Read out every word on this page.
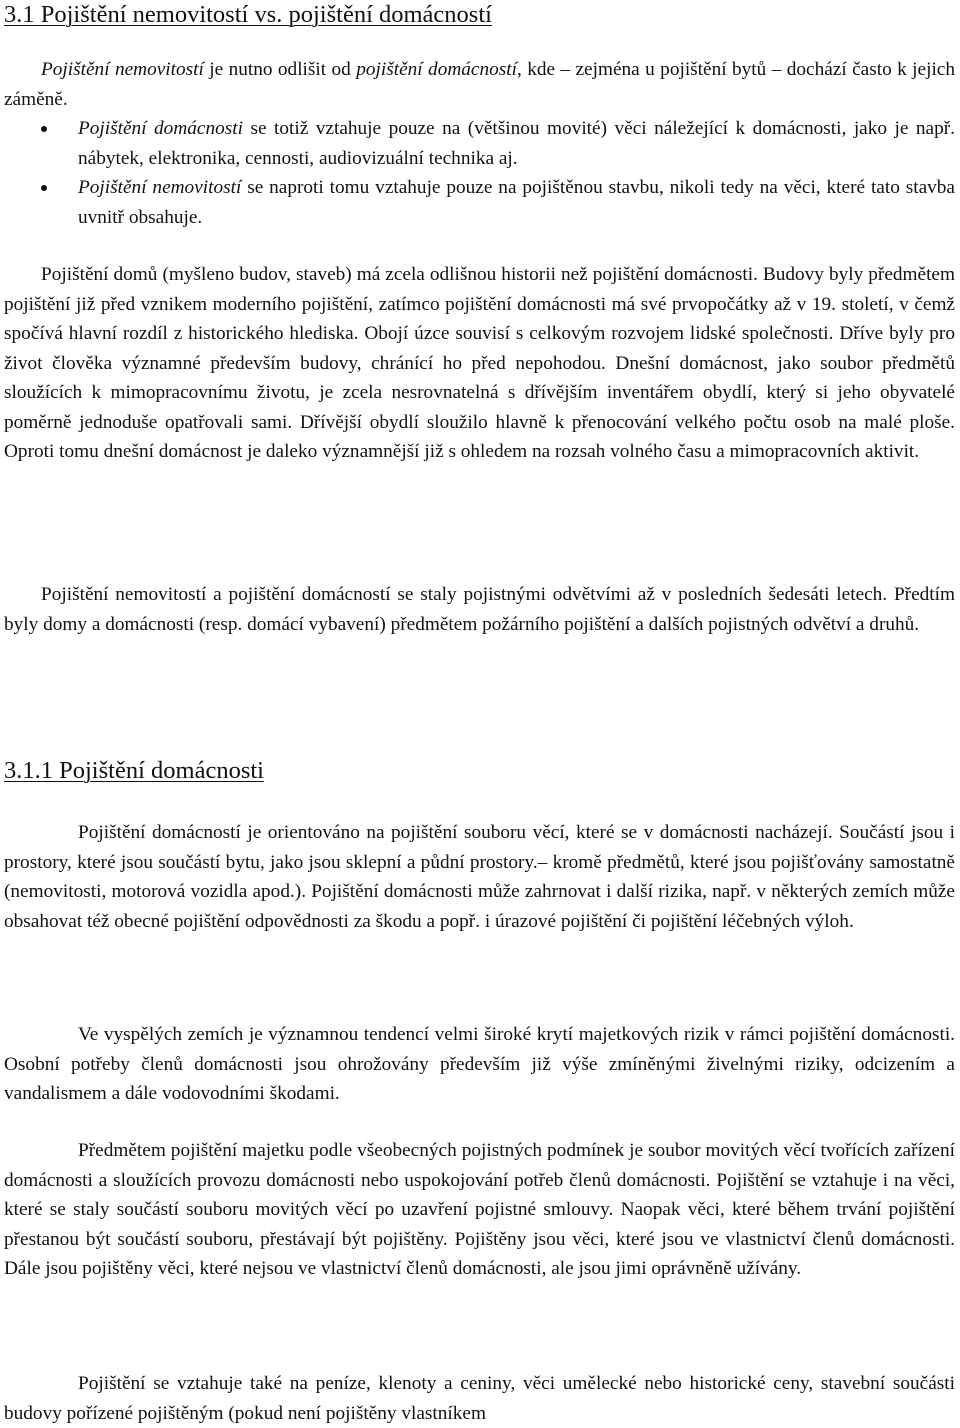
3.1 Pojištění nemovitostí vs. pojištění domácností

Pojištění nemovitostí je nutno odlišit od pojištění domácností, kde – zejména u pojištění bytů – dochází často k jejich záměně.

Pojištění domácnosti se totiž vztahuje pouze na (většinou movité) věci náležející k domácnosti, jako je např. nábytek, elektronika, cennosti, audiovizuální technika aj.

Pojištění nemovitostí se naproti tomu vztahuje pouze na pojištěnou stavbu, nikoli tedy na věci, které tato stavba uvnitř obsahuje.

Pojištění domů (myšleno budov, staveb) má zcela odlišnou historii než pojištění domácnosti. Budovy byly předmětem pojištění již před vznikem moderního pojištění, zatímco pojištění domácnosti má své prvopočátky až v 19. století, v čemž spočívá hlavní rozdíl z historického hlediska. Obojí úzce souvisí s celkovým rozvojem lidské společnosti. Dříve byly pro život člověka významné především budovy, chránící ho před nepohodou. Dnešní domácnost, jako soubor předmětů sloužících k mimopracovnímu životu, je zcela nesrovnatelná s dřívějším inventářem obydlí, který si jeho obyvatelé poměrně jednoduše opatřovali sami. Dřívější obydlí sloužilo hlavně k přenocování velkého počtu osob na malé ploše. Oproti tomu dnešní domácnost je daleko významnější již s ohledem na rozsah volného času a mimopracovních aktivit.

Pojištění nemovitostí a pojištění domácností se staly pojistnými odvětvími až v posledních šedesáti letech. Předtím byly domy a domácnosti (resp. domácí vybavení) předmětem požárního pojištění a dalších pojistných odvětví a druhů.

3.1.1 Pojištění domácnosti

Pojištění domácností je orientováno na pojištění souboru věcí, které se v domácnosti nacházejí. Součástí jsou i prostory, které jsou součástí bytu, jako jsou sklepní a půdní prostory.– kromě předmětů, které jsou pojišťovány samostatně (nemovitosti, motorová vozidla apod.). Pojištění domácnosti může zahrnovat i další rizika, např. v některých zemích může obsahovat též obecné pojištění odpovědnosti za škodu a popř. i úrazové pojištění či pojištění léčebných výloh.

Ve vyspělých zemích je významnou tendencí velmi široké krytí majetkových rizik v rámci pojištění domácnosti. Osobní potřeby členů domácnosti jsou ohrožovány především již výše zmíněnými živelnými riziky, odcizením a vandalismem a dále vodovodními škodami.

Předmětem pojištění majetku podle všeobecných pojistných podmínek je soubor movitých věcí tvořících zařízení domácnosti a sloužících provozu domácnosti nebo uspokojování potřeb členů domácnosti. Pojištění se vztahuje i na věci, které se staly součástí souboru movitých věcí po uzavření pojistné smlouvy. Naopak věci, které během trvání pojištění přestanou být součástí souboru, přestávají být pojištěny. Pojištěny jsou věci, které jsou ve vlastnictví členů domácnosti. Dále jsou pojištěny věci, které nejsou ve vlastnictví členů domácnosti, ale jsou jimi oprávněně užívány.

Pojištění se vztahuje také na peníze, klenoty a ceniny, věci umělecké nebo historické ceny, stavební součásti budovy pořízené pojištěným (pokud není pojištěny vlastníkem
